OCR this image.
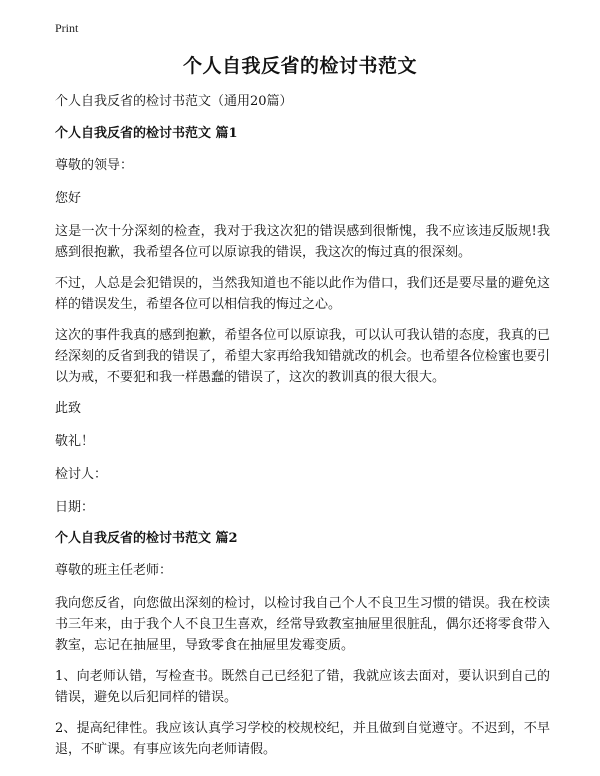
Print
个人自我反省的检讨书范文
个人自我反省的检讨书范文（通用20篇）
个人自我反省的检讨书范文 篇1

尊敬的领导：

您好

这是一次十分深刻的检查，我对于我这次犯的错误感到很惭愧，我不应该违反版规!我感到很抱歉，我希望各位可以原谅我的错误，我这次的悔过真的很深刻。

不过，人总是会犯错误的，当然我知道也不能以此作为借口，我们还是要尽量的避免这样的错误发生，希望各位可以相信我的悔过之心。

这次的事件我真的感到抱歉，希望各位可以原谅我，可以认可我认错的态度，我真的已经深刻的反省到我的错误了，希望大家再给我知错就改的机会。也希望各位检蜜也要引以为戒，不要犯和我一样愚蠢的错误了，这次的教训真的很大很大。

此致

敬礼！

检讨人：

日期：

个人自我反省的检讨书范文 篇2

尊敬的班主任老师：

我向您反省，向您做出深刻的检讨，以检讨我自己个人不良卫生习惯的错误。我在校读书三年来，由于我个人不良卫生喜欢，经常导致教室抽屉里很脏乱，偶尔还将零食带入教室，忘记在抽屉里，导致零食在抽屉里发霉变质。

1、向老师认错，写检查书。既然自己已经犯了错，我就应该去面对，要认识到自己的错误，避免以后犯同样的错误。

2、提高纪律性。我应该认真学习学校的校规校纪，并且做到自觉遵守。不迟到，不早退，不旷课。有事应该先向老师请假。
